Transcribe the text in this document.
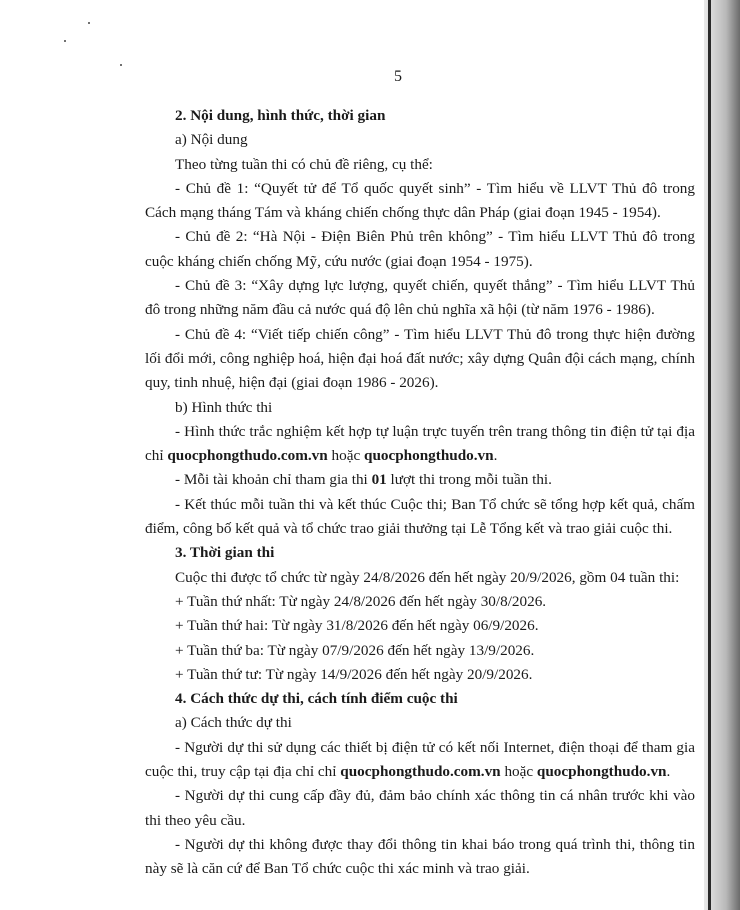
5

2. Nội dung, hình thức, thời gian

a) Nội dung

Theo từng tuần thi có chủ đề riêng, cụ thể:

- Chủ đề 1: “Quyết tử để Tổ quốc quyết sinh” - Tìm hiểu về LLVT Thủ đô trong Cách mạng tháng Tám và kháng chiến chống thực dân Pháp (giai đoạn 1945 - 1954).

- Chủ đề 2: “Hà Nội - Điện Biên Phủ trên không” - Tìm hiểu LLVT Thủ đô trong cuộc kháng chiến chống Mỹ, cứu nước (giai đoạn 1954 - 1975).

- Chủ đề 3: “Xây dựng lực lượng, quyết chiến, quyết thắng” - Tìm hiểu LLVT Thủ đô trong những năm đầu cả nước quá độ lên chủ nghĩa xã hội (từ năm 1976 - 1986).

- Chủ đề 4: “Viết tiếp chiến công” - Tìm hiểu LLVT Thủ đô trong thực hiện đường lối đổi mới, công nghiệp hoá, hiện đại hoá đất nước; xây dựng Quân đội cách mạng, chính quy, tinh nhuệ, hiện đại (giai đoạn 1986 - 2026).

b) Hình thức thi

- Hình thức trắc nghiệm kết hợp tự luận trực tuyến trên trang thông tin điện tử tại địa chỉ quocphongthudo.com.vn hoặc quocphongthudo.vn.

- Mỗi tài khoản chỉ tham gia thi 01 lượt thi trong mỗi tuần thi.

- Kết thúc mỗi tuần thi và kết thúc Cuộc thi; Ban Tổ chức sẽ tổng hợp kết quả, chấm điểm, công bố kết quả và tổ chức trao giải thưởng tại Lễ Tổng kết và trao giải cuộc thi.

3. Thời gian thi

Cuộc thi được tổ chức từ ngày 24/8/2026 đến hết ngày 20/9/2026, gồm 04 tuần thi:

+ Tuần thứ nhất: Từ ngày 24/8/2026 đến hết ngày 30/8/2026.

+ Tuần thứ hai: Từ ngày 31/8/2026 đến hết ngày 06/9/2026.

+ Tuần thứ ba: Từ ngày 07/9/2026 đến hết ngày 13/9/2026.

+ Tuần thứ tư: Từ ngày 14/9/2026 đến hết ngày 20/9/2026.

4. Cách thức dự thi, cách tính điểm cuộc thi

a) Cách thức dự thi

- Người dự thi sử dụng các thiết bị điện tử có kết nối Internet, điện thoại để tham gia cuộc thi, truy cập tại địa chỉ chỉ quocphongthudo.com.vn hoặc quocphongthudo.vn.

- Người dự thi cung cấp đầy đủ, đảm bảo chính xác thông tin cá nhân trước khi vào thi theo yêu cầu.

- Người dự thi không được thay đổi thông tin khai báo trong quá trình thi, thông tin này sẽ là căn cứ để Ban Tổ chức cuộc thi xác minh và trao giải.
